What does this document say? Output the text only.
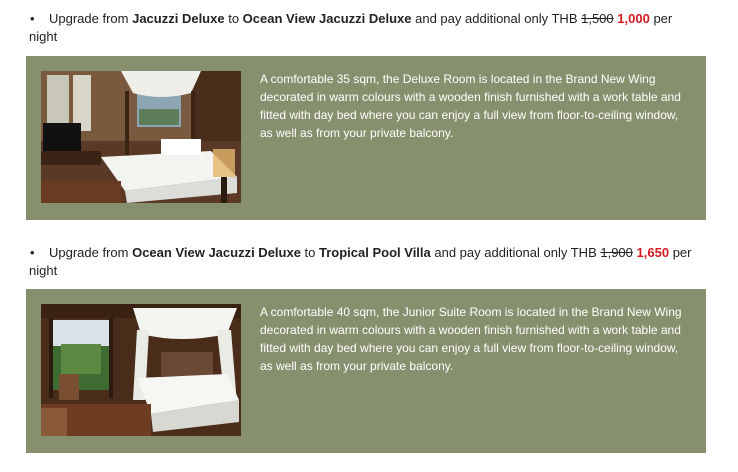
• Upgrade from Jacuzzi Deluxe to Ocean View Jacuzzi Deluxe and pay additional only THB 1,500 1,000 per
night
A comfortable 35 sqm, the Deluxe Room is located in the Brand New Wing decorated in warm colours with a wooden finish furnished with a work table and fitted with day bed where you can enjoy a full view from floor-to-ceiling window, as well as from your private balcony.
• Upgrade from Ocean View Jacuzzi Deluxe to Tropical Pool Villa and pay additional only THB 1,900 1,650 per
night
A comfortable 40 sqm, the Junior Suite Room is located in the Brand New Wing decorated in warm colours with a wooden finish furnished with a work table and fitted with day bed where you can enjoy a full view from floor-to-ceiling window, as well as from your private balcony.
